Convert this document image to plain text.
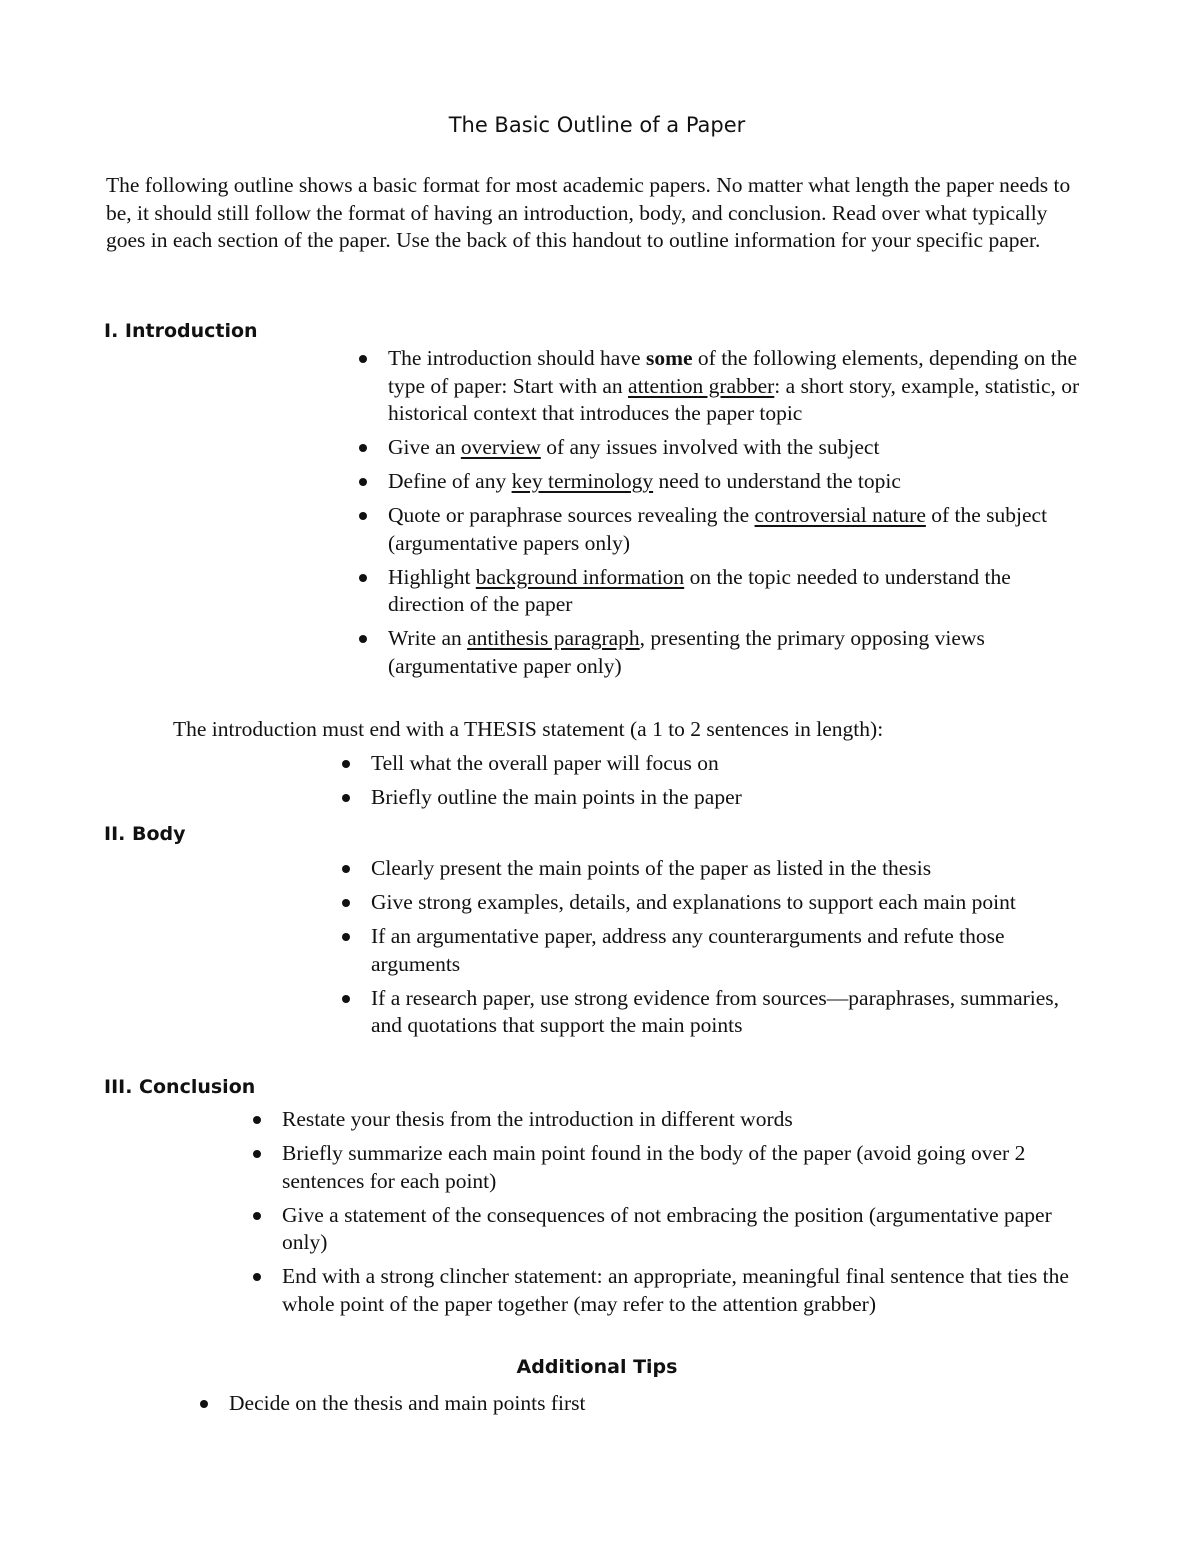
The Basic Outline of a Paper

The following outline shows a basic format for most academic papers. No matter what length the paper needs to be, it should still follow the format of having an introduction, body, and conclusion. Read over what typically goes in each section of the paper. Use the back of this handout to outline information for your specific paper.

I. Introduction
The introduction should have some of the following elements, depending on the type of paper: Start with an attention grabber: a short story, example, statistic, or historical context that introduces the paper topic
Give an overview of any issues involved with the subject
Define of any key terminology need to understand the topic
Quote or paraphrase sources revealing the controversial nature of the subject (argumentative papers only)
Highlight background information on the topic needed to understand the direction of the paper
Write an antithesis paragraph, presenting the primary opposing views (argumentative paper only)

The introduction must end with a THESIS statement (a 1 to 2 sentences in length):

Tell what the overall paper will focus on
Briefly outline the main points in the paper
II. Body
Clearly present the main points of the paper as listed in the thesis
Give strong examples, details, and explanations to support each main point
If an argumentative paper, address any counterarguments and refute those arguments
If a research paper, use strong evidence from sources—paraphrases, summaries, and quotations that support the main points
III. Conclusion
Restate your thesis from the introduction in different words
Briefly summarize each main point found in the body of the paper (avoid going over 2 sentences for each point)
Give a statement of the consequences of not embracing the position (argumentative paper only)
End with a strong clincher statement: an appropriate, meaningful final sentence that ties the whole point of the paper together (may refer to the attention grabber)
Additional Tips
Decide on the thesis and main points first
